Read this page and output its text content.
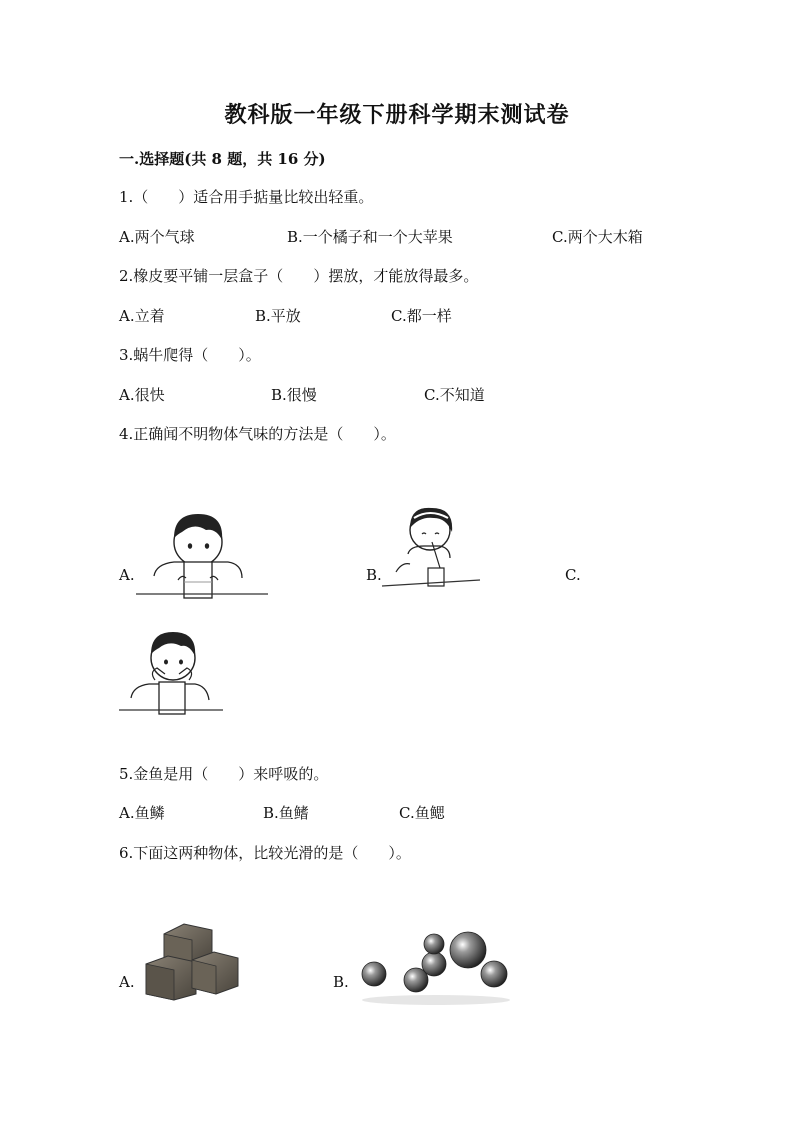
教科版一年级下册科学期末测试卷
一.选择题(共 8 题，共 16 分)
1.（　　）适合用手掂量比较出轻重。
A.两个气球	B.一个橘子和一个大苹果	C.两个大木箱
2.橡皮要平铺一层盒子（　　）摆放，才能放得最多。
A.立着	B.平放	C.都一样
3.蜗牛爬得（　　）。
A.很快	B.很慢	C.不知道
4.正确闻不明物体气味的方法是（　　）。
A.	B.	C.
5.金鱼是用（　　）来呼吸的。
A.鱼鳞	B.鱼鳍	C.鱼鳃
6.下面这两种物体，比较光滑的是（　　）。
A.	B.
